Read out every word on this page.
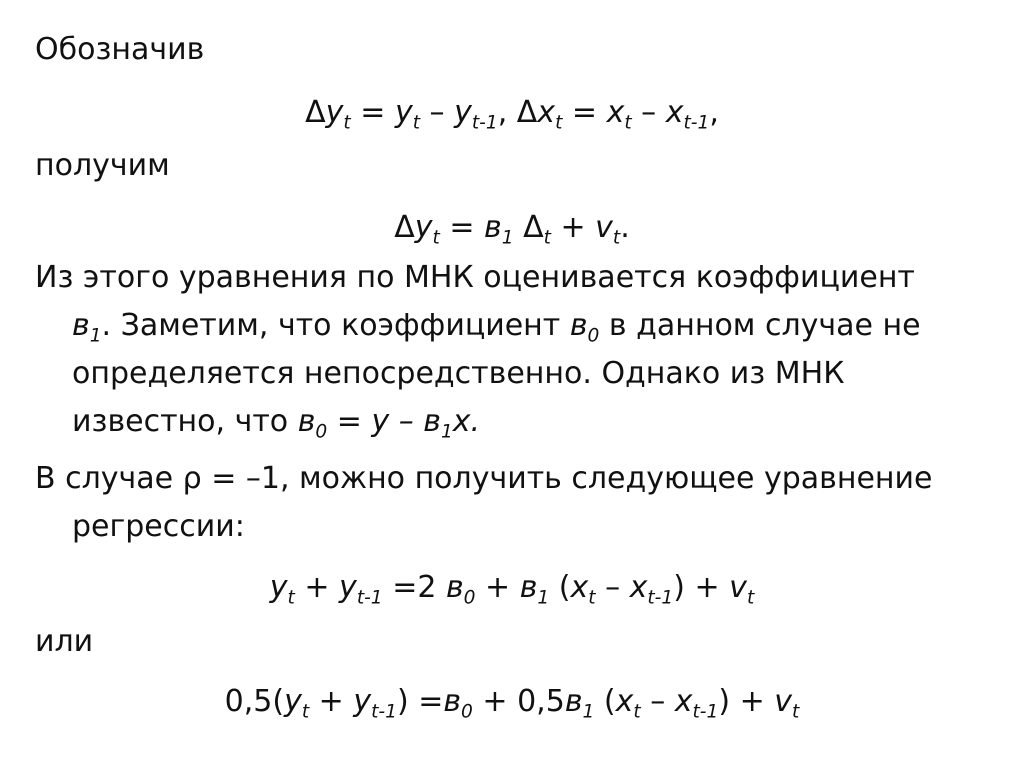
Обозначив
$\Delta y_t = y_t - y_{t-1}$, $\Delta x_t = x_t - x_{t-1}$,
получим
$\Delta y_t = в_1$ $\Delta_t + v_t$.
Из этого уравнения по МНК оценивается коэффициент
$в_1$. Заметим, что коэффициент $в_0$ в данном случае не
определяется непосредственно. Однако из МНК
известно, что $в_0 = y - в_1x$.
В случае ρ = –1, можно получить следующее уравнение
регрессии:
$y_t + y_{t-1} =2$ $в_0 + в_1$ $(x_t - x_{t-1}) + v_t$
или
$0,5(y_t + y_{t-1}) =в_0 + 0,5в_1$ $(x_t - x_{t-1}) + v_t$
